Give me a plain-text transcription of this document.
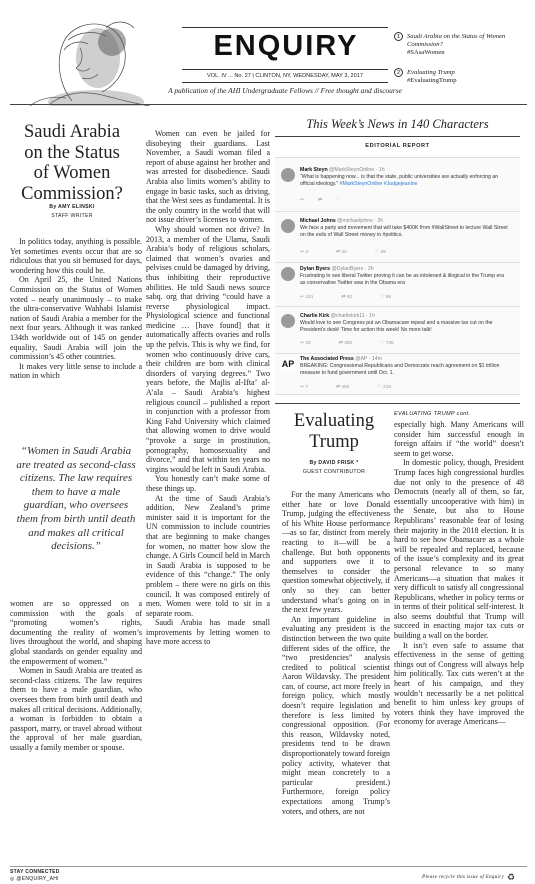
ENQUIRY
VOL. IV ... No. 27 | CLINTON, NY, WEDNESDAY, MAY 3, 2017
A publication of the AHI Undergraduate Fellows // Free thought and discourse
1	Saudi Arabia on the Status of Women Commission?
#SAsaWomen
2	Evaluating Trump
#EvaluatingTrump
Saudi Arabia on the Status of Women Commission?
By AMY ELINSKI
STAFF WRITER

In politics today, anything is possible. Yet sometimes events occur that are so ridiculous that you sit bemused for days, wondering how this could be.

On April 25, the United Nations Commission on the Status of Women voted – nearly unanimously – to make the ultra-conservative Wahhabi Islamist nation of Saudi Arabia a member for the next four years. Although it was ranked 134th worldwide out of 145 on gender equality, Saudi Arabia will join the commission’s 45 other countries.

It makes very little sense to include a nation in which

“Women in Saudi Arabia are treated as second-class citizens. The law requires them to have a male guardian, who oversees them from birth until death and makes all critical decisions.”

women are so oppressed on a commission with the goals of “promoting women’s rights, documenting the reality of women’s lives throughout the world, and shaping global standards on gender equality and the empowerment of women.”

Women in Saudi Arabia are treated as second-class citizens. The law requires them to have a male guardian, who oversees them from birth until death and makes all critical decisions. Additionally, a woman is forbidden to obtain a passport, marry, or travel abroad without the approval of her male guardian, usually a family member or spouse.

Women can even be jailed for disobeying their guardians. Last November, a Saudi woman filed a report of abuse against her brother and was arrested for disobedience. Saudi Arabia also limits women’s ability to engage in basic tasks, such as driving, that the West sees as fundamental. It is the only country in the world that will not issue driver’s licenses to women.

Why should women not drive? In 2013, a member of the Ulama, Saudi Arabia’s body of religious scholars, claimed that women’s ovaries and pelvises could be damaged by driving, thus inhibiting their reproductive abilities. He told Saudi news source sabq. org that driving “could have a reverse physiological impact. Physiological science and functional medicine … [have found] that it automatically affects ovaries and rolls up the pelvis. This is why we find, for women who continuously drive cars, their children are born with clinical disorders of varying degrees.” Two years before, the Majlis al-Ifta’ al-A’ala – Saudi Arabia’s highest religious council – published a report in conjunction with a professor from King Fahd University which claimed that allowing women to drive would “provoke a surge in prostitution, pornography, homosexuality and divorce,” and that within ten years no virgins would be left in Saudi Arabia.

You honestly can’t make some of these things up.

At the time of Saudi Arabia’s addition, New Zealand’s prime minister said it is important for the UN commission to include countries that are beginning to make changes for women, no matter how slow the change. A Girls Council held in March in Saudi Arabia is supposed to be evidence of this “change.” The only problem – there were no girls on this council. It was composed entirely of men. Women were told to sit in a separate room.

Saudi Arabia has made small improvements by letting women to have more access to

This Week’s News in 140 Characters
EDITORIAL REPORT
Mark Steyn @MarkSteynOnline · 1h
“What is happening now... is that the state, public universities are actually enforcing an official ideology.” #MarkSteynOnline #Judgejeanine
↩	⇄	♡
Michael Johns @michaeljohns · 2h
We face a party and movement that will take $400K from #WallStreet to lecture Wall Street on the evils of Wall Street money in #politics.
↩ 4	⇄ 30	♡ 29
Dylan Byers @DylanByers · 2h
Frustrating to see liberal Twitter proving it can be as intolerant & illogical in the Trump era as conservative Twitter was in the Obama era
↩ 181	⇄ 92	♡ 86
Charlie Kirk @charliekirk11 · 1h
Would love to see Congress put an Obamacare repeal and a massive tax cut on the President’s desk! Time for action this week! No more talk!
↩ 33	⇄ 390	♡ 736
AP The Associated Press @AP · 14m
BREAKING: Congressional Republicans and Democrats reach agreement on $1 trillion measure to fund government until Oct. 1.
↩ 7	⇄ 482	♡ 319
Evaluating Trump
By DAVID FRISK *
GUEST CONTRIBUTOR

For the many Americans who either hate or love Donald Trump, judging the effectiveness of his White House performance—as so far, distinct from merely reacting to it—will be a challenge. But both opponents and supporters owe it to themselves to consider the question somewhat objectively, if only so they can better understand what’s going on in the next few years.

An important guideline in evaluating any president is the distinction between the two quite different sides of the office, the “two presidencies” analysis credited to political scientist Aaron Wildavsky. The president can, of course, act more freely in foreign policy, which mostly doesn’t require legislation and therefore is less limited by congressional opposition. (For this reason, Wildavsky noted, presidents tend to be drawn disproportionately toward foreign policy activity, whatever that might mean concretely to a particular president.) Furthermore, foreign policy expectations among Trump’s voters, and others, are not

EVALUATING TRUMP cont.

especially high. Many Americans will consider him successful enough in foreign affairs if “the world” doesn’t seem to get worse.

In domestic policy, though, President Trump faces high congressional hurdles due not only to the presence of 48 Democrats (nearly all of them, so far, essentially uncooperative with him) in the Senate, but also to House Republicans’ reasonable fear of losing their majority in the 2018 election. It is hard to see how Obamacare as a whole will be repealed and replaced, because of the issue’s complexity and its great personal relevance to so many Americans—a situation that makes it very difficult to satisfy all congressional Republicans, whether in policy terms or in terms of their political self-interest. It also seems doubtful that Trump will succeed in enacting major tax cuts or building a wall on the border.

It isn’t even safe to assume that effectiveness in the sense of getting things out of Congress will always help him politically. Tax cuts weren’t at the heart of his campaign, and they wouldn’t necessarily be a net political benefit to him unless key groups of voters think they have improved the economy for average Americans—

STAY CONNECTED
◎ @ENQUIRY_AHI	Please recycle this issue of Enquiry ♻
